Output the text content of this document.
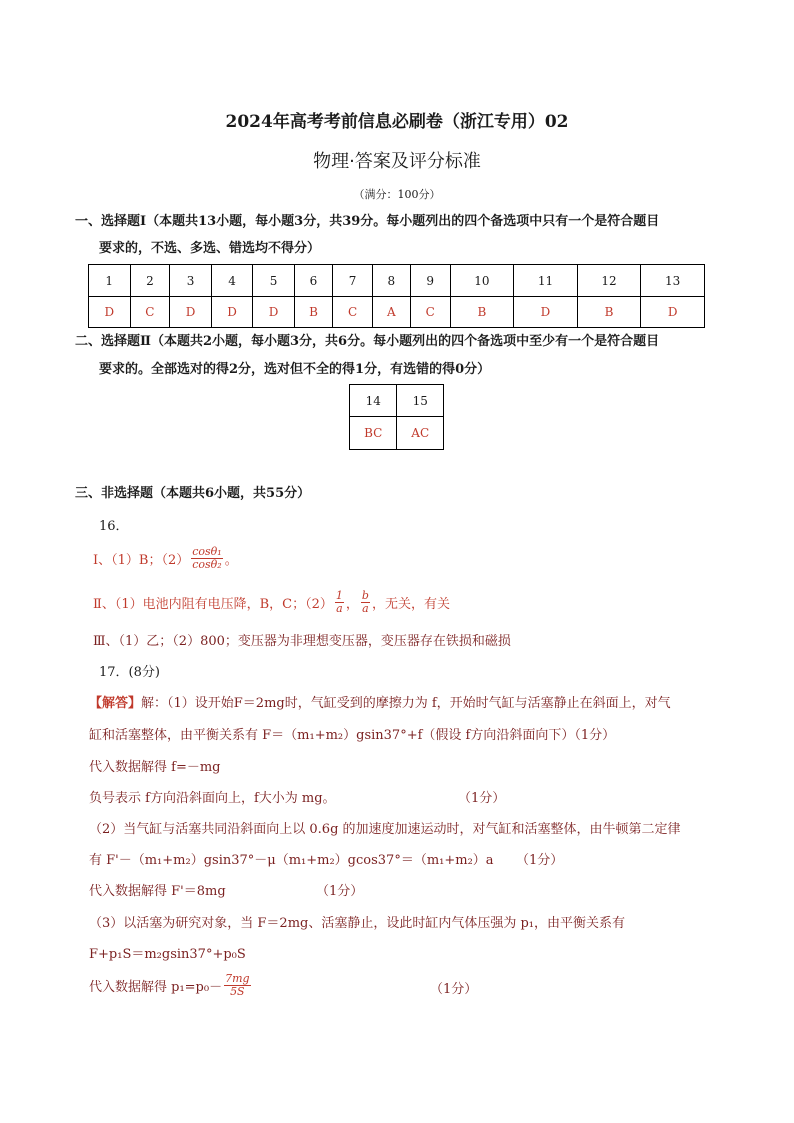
2024年高考考前信息必刷卷（浙江专用）02
物理·答案及评分标准
（满分：100分）
一、选择题Ⅰ（本题共13小题，每小题3分，共39分。每小题列出的四个备选项中只有一个是符合题目
要求的，不选、多选、错选均不得分）
1	2	3	4	5	6	7	8	9	10	11	12	13
D	C	D	D	D	B	C	A	C	B	D	B	D
二、选择题Ⅱ（本题共2小题，每小题3分，共6分。每小题列出的四个备选项中至少有一个是符合题目
要求的。全部选对的得2分，选对但不全的得1分，有选错的得0分）
14	15
BC	AC
三、非选择题（本题共6小题，共55分）
16．
Ⅰ、（1）B；$(2) \frac{\text{cosθ₁}}{\text{cosθ₂}}$ 。
Ⅱ、（1）电池内阻有电压降，B，C；$(2) \frac{1}{a}$ ， $\frac{b}{a}$ ，无关，有关
Ⅲ、（1）乙；（2）800；变压器为非理想变压器，变压器存在铁损和磁损
17．(8分)
【解答】解：（1）设开始F＝2mg时，气缸受到的摩擦力为 f，开始时气缸与活塞静止在斜面上，对气
缸和活塞整体，由平衡关系有 F＝（m₁+m₂）gsin37°+f（假设 f方向沿斜面向下）（1分）
代入数据解得 f=－mg
负号表示 f方向沿斜面向上，f大小为 mg。	（1分）
（2）当气缸与活塞共同沿斜面向上以 0.6g 的加速度加速运动时，对气缸和活塞整体，由牛顿第二定律
有 F'－（m₁+m₂）gsin37°－μ（m₁+m₂）gcos37°＝（m₁+m₂）a （1分）
代入数据解得 F'＝8mg	（1分）
（3）以活塞为研究对象，当 F＝2mg、活塞静止，设此时缸内气体压强为 p₁，由平衡关系有
F+p₁S＝m₂gsin37°+p₀S
代入数据解得 $p_1=p_0- \frac{7mg}{5S}$	（1分）
